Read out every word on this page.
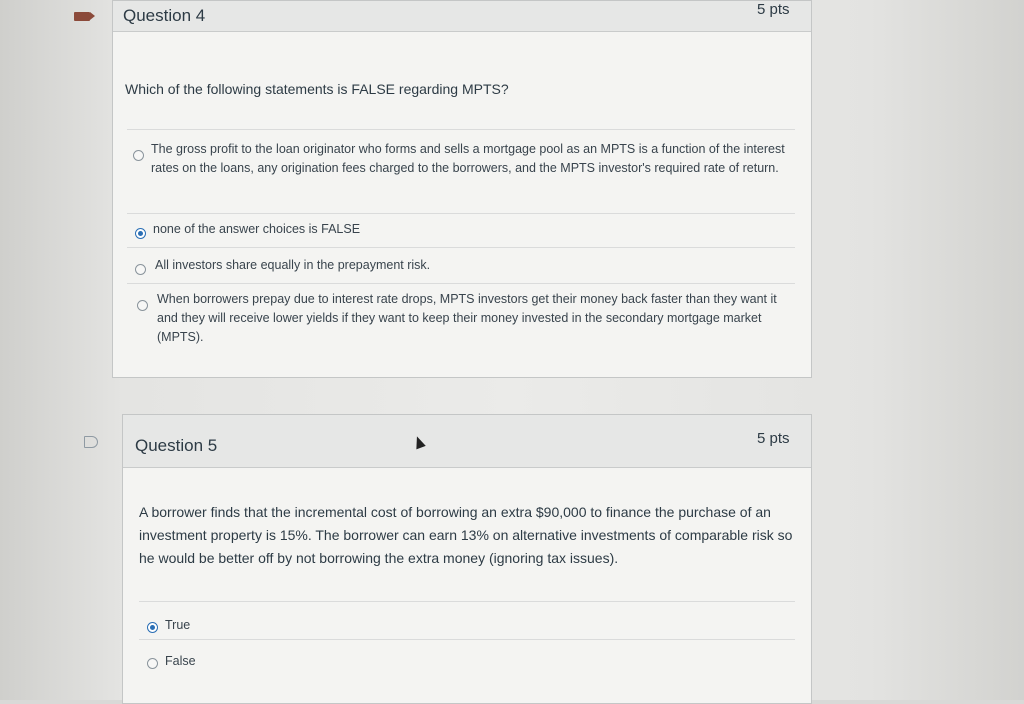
Question 4	5 pts
Which of the following statements is FALSE regarding MPTS?
The gross profit to the loan originator who forms and sells a mortgage pool as an MPTS is a function of the interest rates on the loans, any origination fees charged to the borrowers, and the MPTS investor's required rate of return.
none of the answer choices is FALSE
All investors share equally in the prepayment risk.
When borrowers prepay due to interest rate drops, MPTS investors get their money back faster than they want it and they will receive lower yields if they want to keep their money invested in the secondary mortgage market (MPTS).
Question 5	5 pts
A borrower finds that the incremental cost of borrowing an extra $90,000 to finance the purchase of an investment property is 15%. The borrower can earn 13% on alternative investments of comparable risk so he would be better off by not borrowing the extra money (ignoring tax issues).
True
False
